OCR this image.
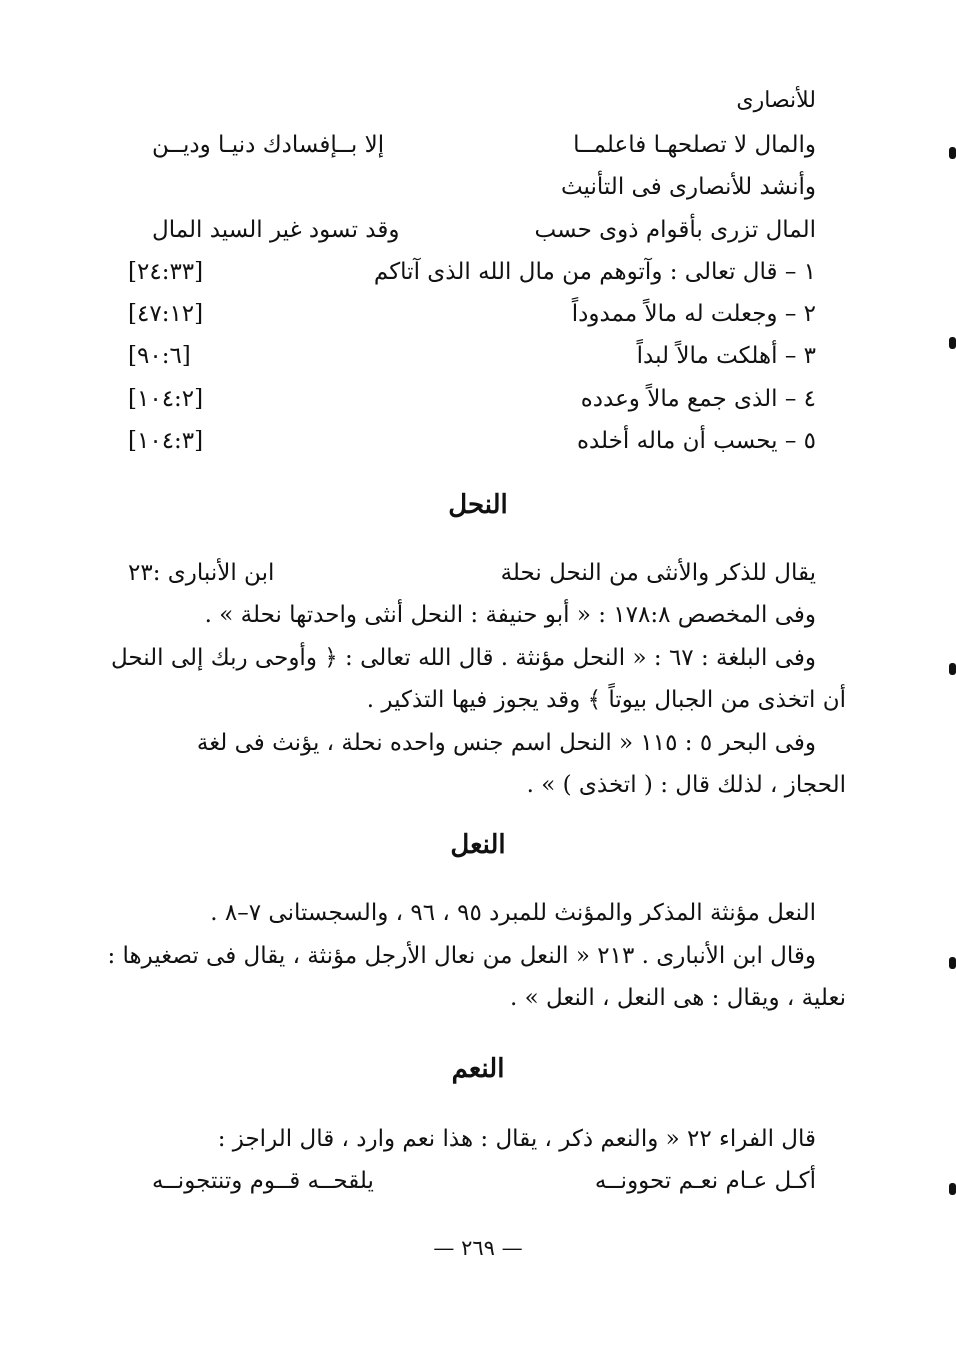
للأنصارى
والمال لا تصلحهـا فاعلمــا
إلا بــإفسادك دنيـا وديــن
وأنشد للأنصارى فى التأنيث
المال تزرى بأقوام ذوى حسب
وقد تسود غير السيد المال
١ – قال تعالى : وآتوهم من مال الله الذى آتاكم
[٢٤:٣٣]
٢ – وجعلت له مالاً ممدوداً
[٤٧:١٢]
٣ – أهلكت مالاً لبداً
[٩٠:٦]
٤ – الذى جمع مالاً وعدده
[١٠٤:٢]
٥ – يحسب أن ماله أخلده
[١٠٤:٣]
النحل
يقال للذكر والأنثى من النحل نحلة
ابن الأنبارى :٢٣
وفى المخصص ١٧٨:٨ : « أبو حنيفة : النحل أنثى واحدتها نحلة » .
وفى البلغة : ٦٧ : « النحل مؤنثة . قال الله تعالى : ﴿ وأوحى ربك إلى النحل
أن اتخذى من الجبال بيوتاً ﴾ وقد يجوز فيها التذكير .
وفى البحر ٥ : ١١٥ « النحل اسم جنس واحده نحلة ، يؤنث فى لغة
الحجاز ، لذلك قال : ( اتخذى ) » .
النعل
النعل مؤنثة المذكر والمؤنث للمبرد ٩٥ ، ٩٦ ، والسجستانى ٧–٨ .
وقال ابن الأنبارى . ٢١٣ « النعل من نعال الأرجل مؤنثة ، يقال فى تصغيرها :
نعلية ، ويقال : هى النعل ، النعل » .
النعم
قال الفراء ٢٢ « والنعم ذكر ، يقال : هذا نعم وارد ، قال الراجز :
أكـل عـام نعـم تحوونــه
يلقحــه قــوم وتنتجونــه
— ٢٦٩ —
